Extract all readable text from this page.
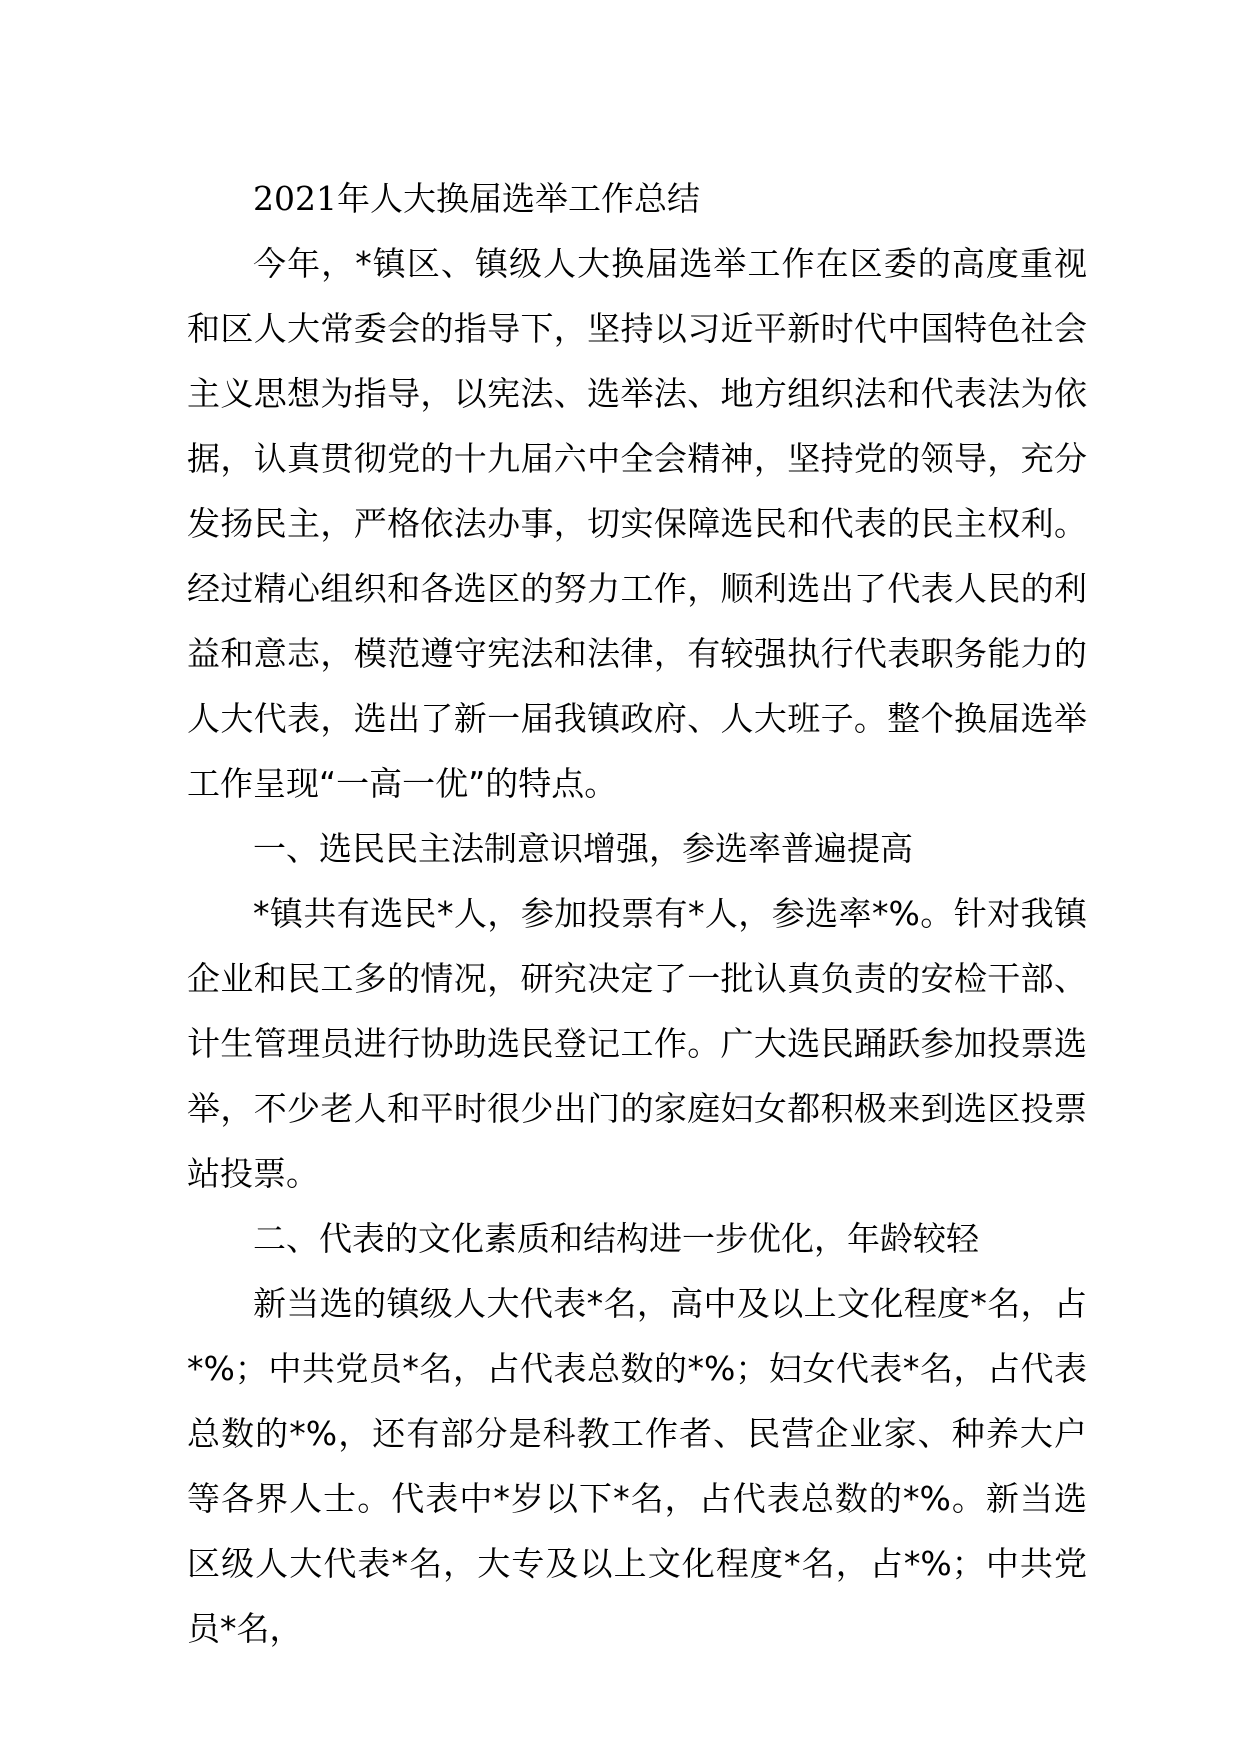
2021年人大换届选举工作总结

今年，*镇区、镇级人大换届选举工作在区委的高度重视和区人大常委会的指导下，坚持以习近平新时代中国特色社会主义思想为指导，以宪法、选举法、地方组织法和代表法为依据，认真贯彻党的十九届六中全会精神，坚持党的领导，充分发扬民主，严格依法办事，切实保障选民和代表的民主权利。经过精心组织和各选区的努力工作，顺利选出了代表人民的利益和意志，模范遵守宪法和法律，有较强执行代表职务能力的人大代表，选出了新一届我镇政府、人大班子。整个换届选举工作呈现“一高一优”的特点。

一、选民民主法制意识增强，参选率普遍提高

*镇共有选民*人，参加投票有*人，参选率*%。针对我镇企业和民工多的情况，研究决定了一批认真负责的安检干部、计生管理员进行协助选民登记工作。广大选民踊跃参加投票选举，不少老人和平时很少出门的家庭妇女都积极来到选区投票站投票。

二、代表的文化素质和结构进一步优化，年龄较轻

新当选的镇级人大代表*名，高中及以上文化程度*名，占*%；中共党员*名，占代表总数的*%；妇女代表*名，占代表总数的*%，还有部分是科教工作者、民营企业家、种养大户等各界人士。代表中*岁以下*名，占代表总数的*%。新当选区级人大代表*名，大专及以上文化程度*名，占*%；中共党员*名，
